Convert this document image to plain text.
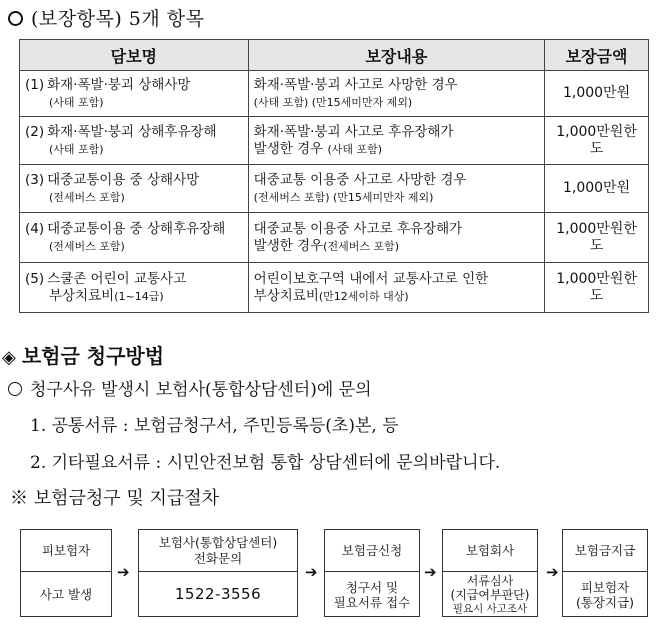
(보장항목) 5개 항목
담보명	보장내용	보장금액
(1) 화재·폭발·붕괴 상해사망
(사태 포함)

화재·폭발·붕괴 사고로 사망한 경우
(사태 포함) (만15세미만자 제외)
	1,000만원
(2) 화재·폭발·붕괴 상해후유장해
(사태 포함)

화재·폭발·붕괴 사고로 후유장해가
발생한 경우 (사태 포함)
	1,000만원한도
(3) 대중교통이용 중 상해사망
(전세버스 포함)

대중교통 이용중 사고로 사망한 경우
(전세버스 포함) (만15세미만자 제외)
	1,000만원
(4) 대중교통이용 중 상해후유장해
(전세버스 포함)

대중교통 이용중 사고로 후유장해가
발생한 경우(전세버스 포함)
	1,000만원한도
(5) 스쿨존 어린이 교통사고
부상치료비(1~14급)

어린이보호구역 내에서 교통사고로 인한
부상치료비(만12세이하 대상)
	1,000만원한도
◈ 보험금 청구방법
청구사유 발생시 보험사(통합상담센터)에 문의
1. 공통서류 : 보험금청구서, 주민등록등(초)본, 등
2. 기타필요서류 : 시민안전보험 통합 상담센터에 문의바랍니다.
※ 보험금청구 및 지급절차
피보험자
사고 발생
➔
보험사(통합상담센터)
전화문의
1522-3556
➔
보험금신청
청구서 및
필요서류 접수
➔
보험회사
서류심사
(지급여부판단)
필요시 사고조사
➔
보험금지급
피보험자
(통장지급)
